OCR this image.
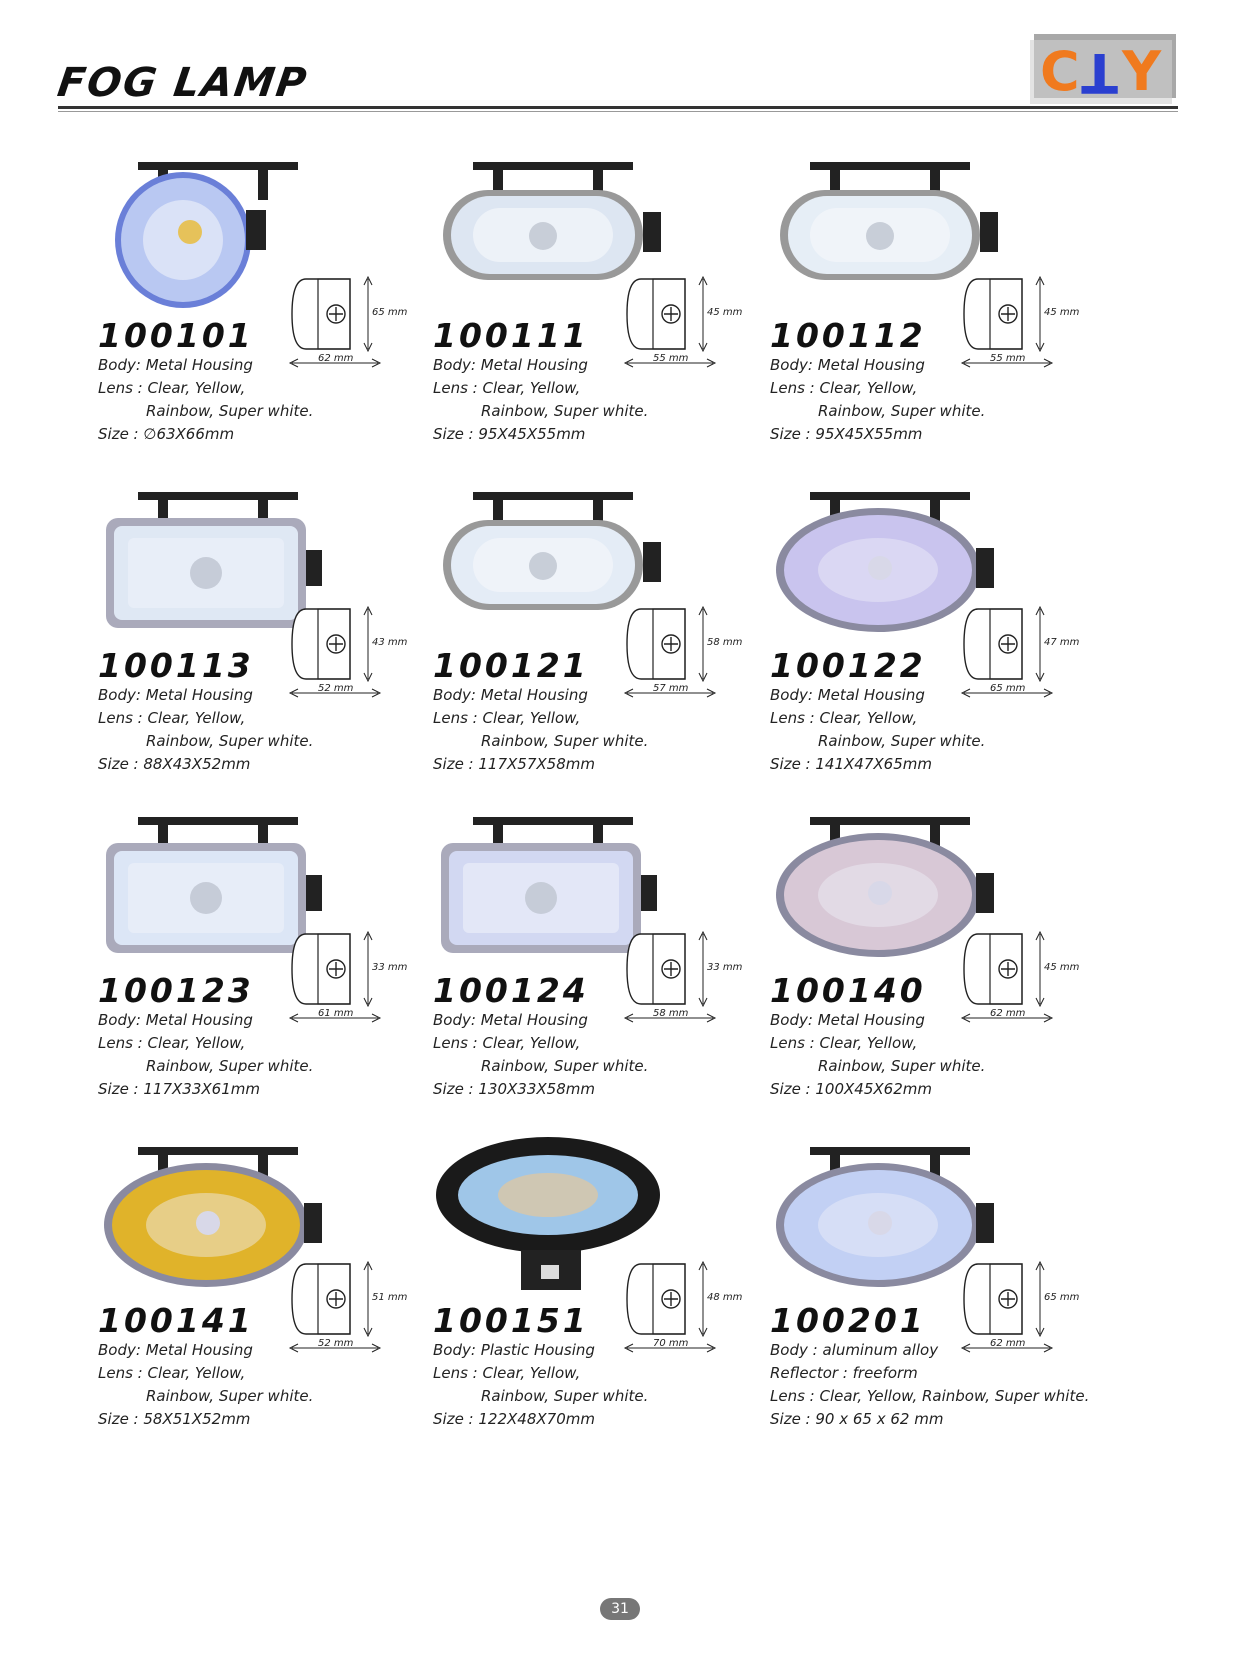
FOG LAMP	C T Y
62 mm
65 mm
100101
Body: Metal Housing
Lens : Clear, Yellow,
Rainbow, Super white.
Size : ∅63X66mm
55 mm
45 mm
100111
Body: Metal Housing
Lens : Clear, Yellow,
Rainbow, Super white.
Size : 95X45X55mm
55 mm
45 mm
100112
Body: Metal Housing
Lens : Clear, Yellow,
Rainbow, Super white.
Size : 95X45X55mm
52 mm
43 mm
100113
Body: Metal Housing
Lens : Clear, Yellow,
Rainbow, Super white.
Size : 88X43X52mm
57 mm
58 mm
100121
Body: Metal Housing
Lens : Clear, Yellow,
Rainbow, Super white.
Size : 117X57X58mm
65 mm
47 mm
100122
Body: Metal Housing
Lens : Clear, Yellow,
Rainbow, Super white.
Size : 141X47X65mm
61 mm
33 mm
100123
Body: Metal Housing
Lens : Clear, Yellow,
Rainbow, Super white.
Size : 117X33X61mm
58 mm
33 mm
100124
Body: Metal Housing
Lens : Clear, Yellow,
Rainbow, Super white.
Size : 130X33X58mm
62 mm
45 mm
100140
Body: Metal Housing
Lens : Clear, Yellow,
Rainbow, Super white.
Size : 100X45X62mm
52 mm
51 mm
100141
Body: Metal Housing
Lens : Clear, Yellow,
Rainbow, Super white.
Size : 58X51X52mm
70 mm
48 mm
100151
Body: Plastic Housing
Lens : Clear, Yellow,
Rainbow, Super white.
Size : 122X48X70mm
62 mm
65 mm
100201
Body : aluminum alloy
Reflector : freeform
Lens : Clear, Yellow, Rainbow, Super white.
Size : 90 x 65 x 62 mm
31
